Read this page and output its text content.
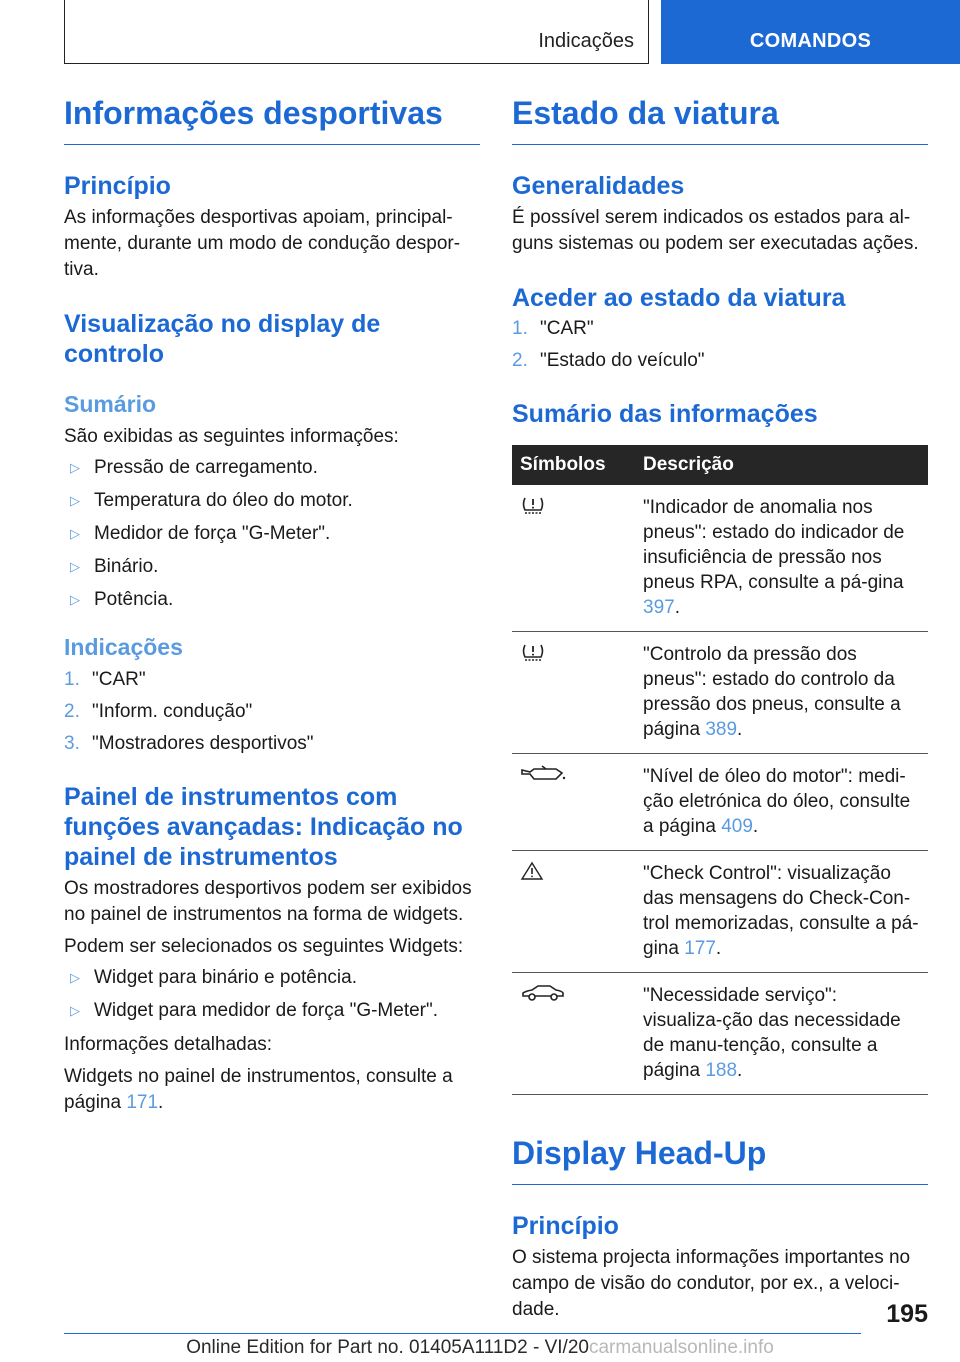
Indicações	COMANDOS
Informações desportivas
Princípio

As informações desportivas apoiam, principal-mente, durante um modo de condução despor-tiva.

Visualização no display de controlo
Sumário

São exibidas as seguintes informações:

▷ Pressão de carregamento.
▷ Temperatura do óleo do motor.
▷ Medidor de força "G-Meter".
▷ Binário.
▷ Potência.
Indicações
1. "CAR"
2. "Inform. condução"
3. "Mostradores desportivos"
Painel de instrumentos com funções avançadas: Indicação no painel de instrumentos

Os mostradores desportivos podem ser exibidos no painel de instrumentos na forma de widgets.

Podem ser selecionados os seguintes Widgets:

▷ Widget para binário e potência.
▷ Widget para medidor de força "G-Meter".

Informações detalhadas:

Widgets no painel de instrumentos, consulte a página 171.

Estado da viatura
Generalidades

É possível serem indicados os estados para al-guns sistemas ou podem ser executadas ações.

Aceder ao estado da viatura
1. "CAR"
2. "Estado do veículo"
Sumário das informações
Símbolos	Descrição

	"Indicador de anomalia nos pneus": estado do indicador de insuficiência de pressão nos pneus RPA, consulte a pá-gina 397.

	"Controlo da pressão dos pneus": estado do controlo da pressão dos pneus, consulte a página 389.

	"Nível de óleo do motor": medi-ção eletrónica do óleo, consulte a página 409.

	"Check Control": visualização das mensagens do Check-Con-trol memorizadas, consulte a pá-gina 177.

	"Necessidade serviço": visualiza-ção das necessidade de manu-tenção, consulte a página 188.
Display Head-Up
Princípio

O sistema projecta informações importantes no campo de visão do condutor, por ex., a veloci-dade.	195
Online Edition for Part no. 01405A111D2 - VI/20carmanualsonline.info
